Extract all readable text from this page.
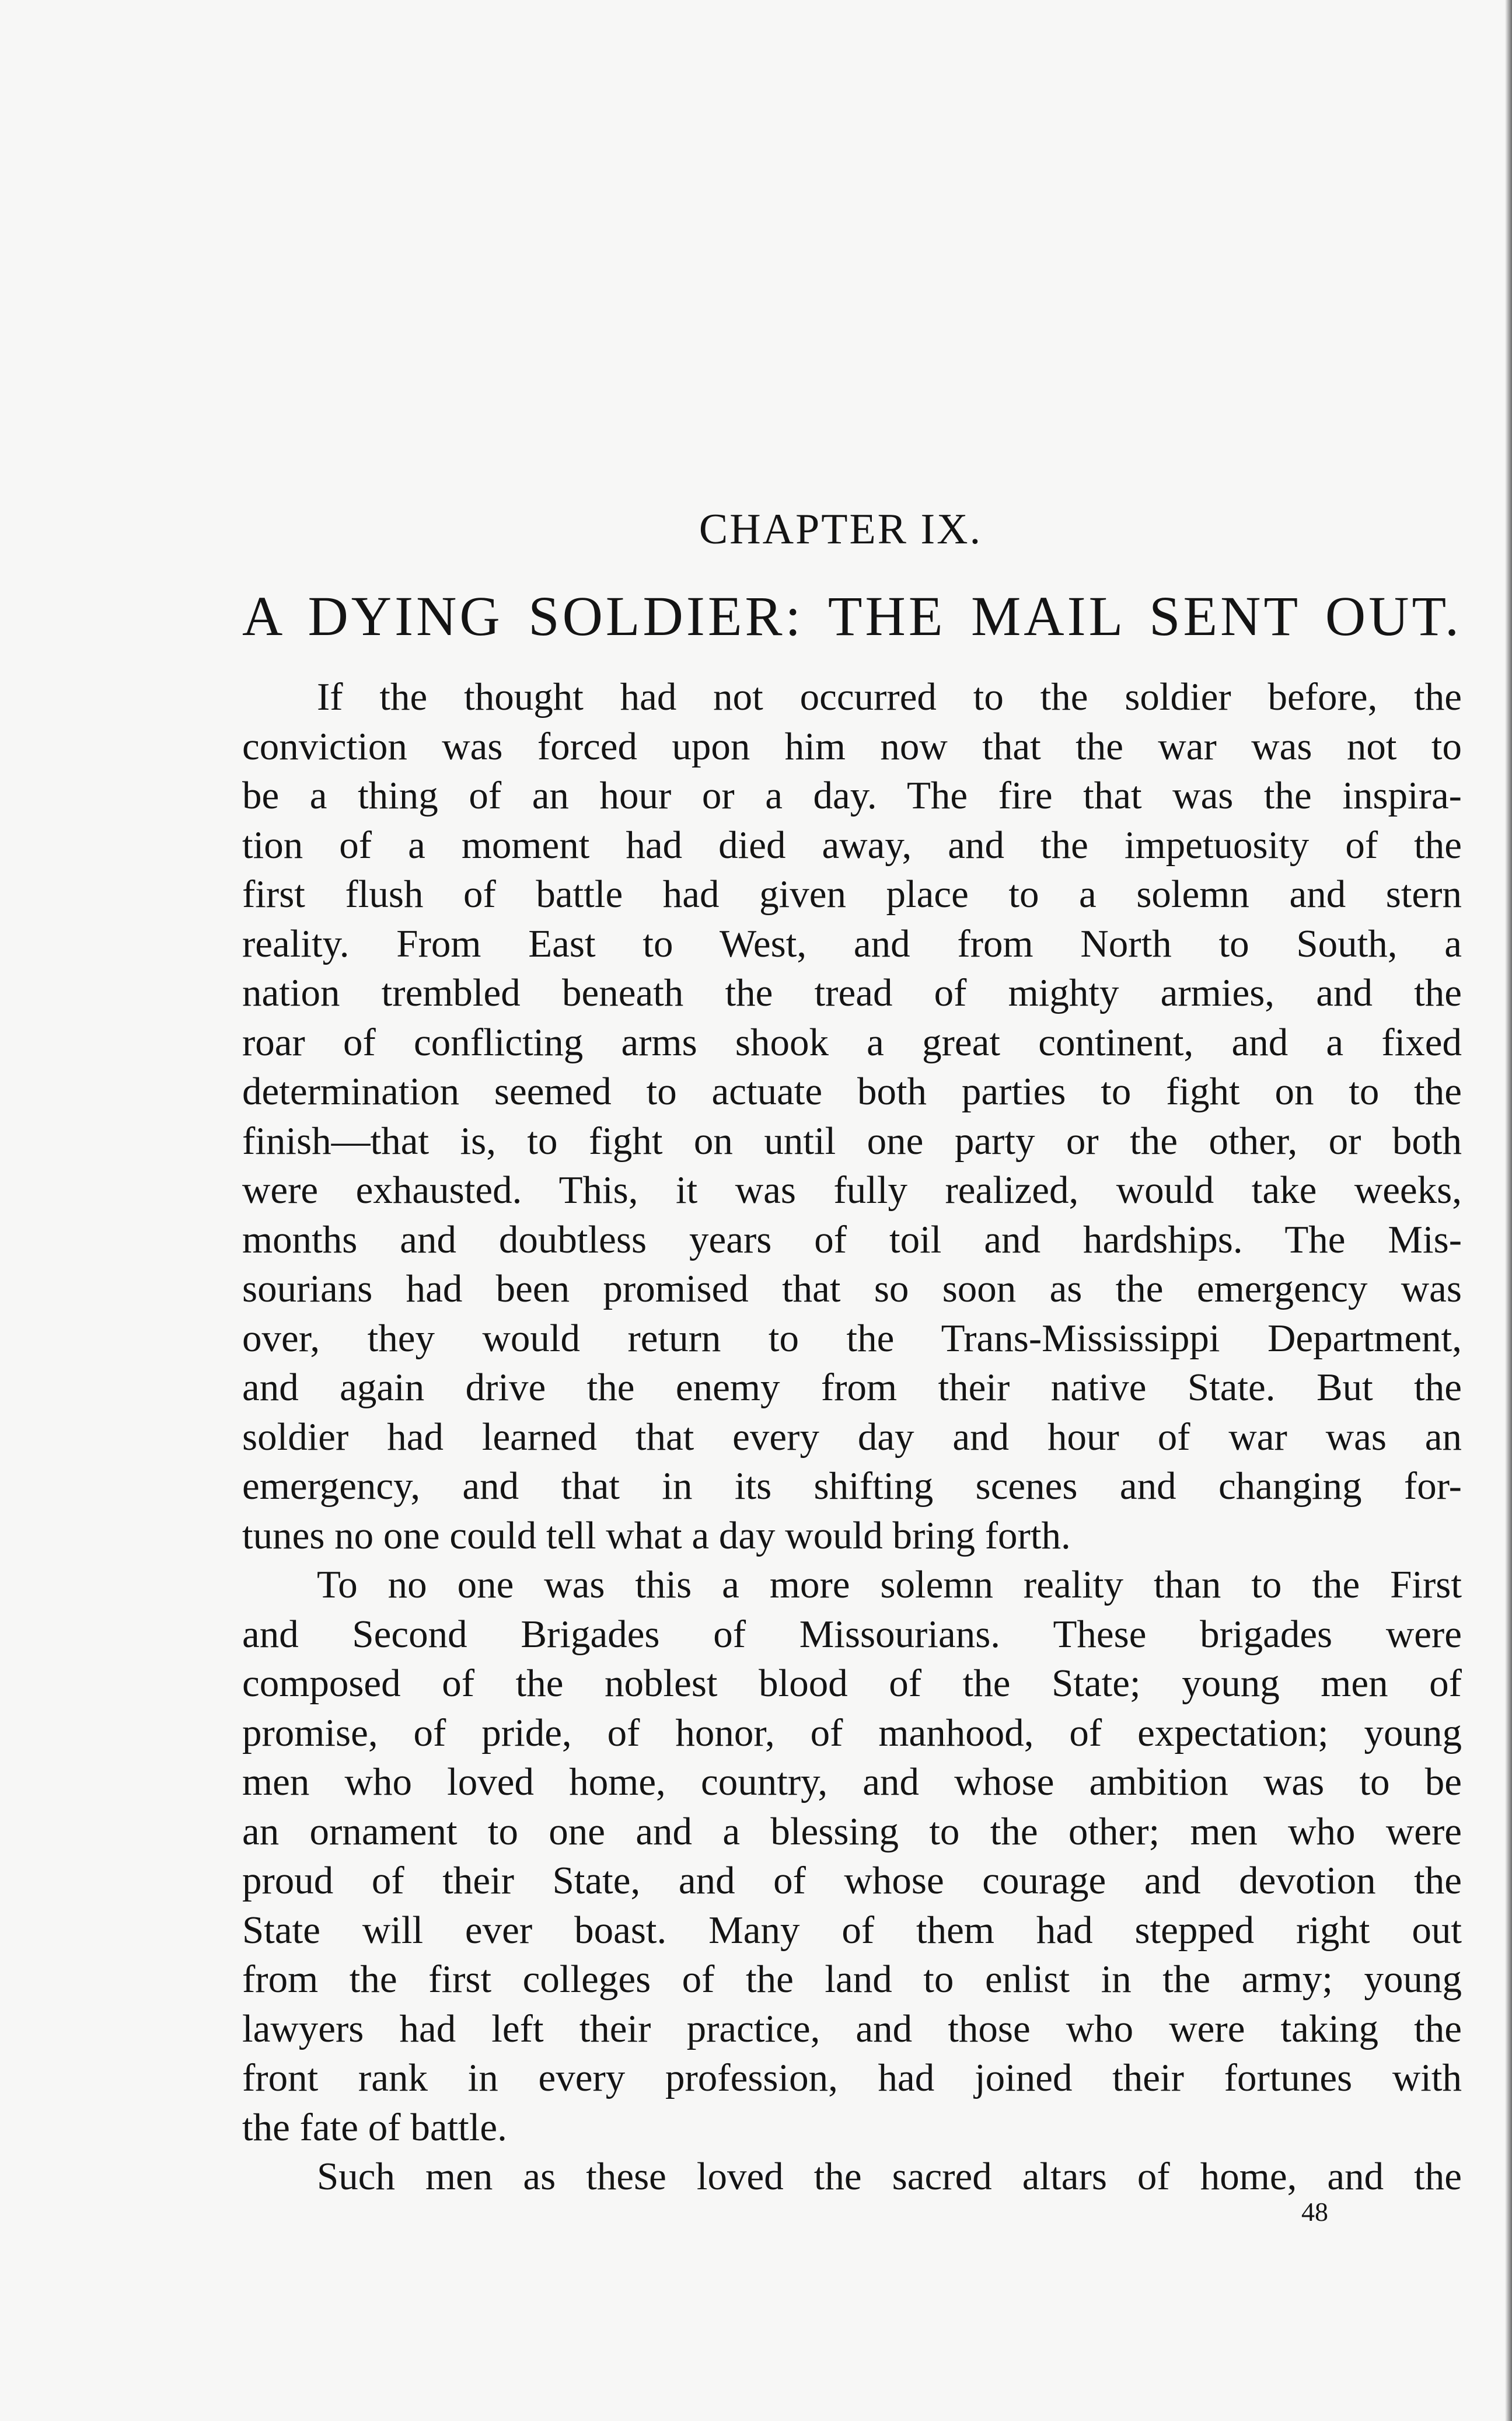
CHAPTER IX.
A DYING SOLDIER: THE MAIL SENT OUT.

If the thought had not occurred to the soldier before, the
conviction was forced upon him now that the war was not to
be a thing of an hour or a day. The fire that was the inspira-
tion of a moment had died away, and the impetuosity of the
first flush of battle had given place to a solemn and stern
reality. From East to West, and from North to South, a
nation trembled beneath the tread of mighty armies, and the
roar of conflicting arms shook a great continent, and a fixed
determination seemed to actuate both parties to fight on to the
finish—that is, to fight on until one party or the other, or both
were exhausted. This, it was fully realized, would take weeks,
months and doubtless years of toil and hardships. The Mis-
sourians had been promised that so soon as the emergency was
over, they would return to the Trans-Mississippi Department,
and again drive the enemy from their native State. But the
soldier had learned that every day and hour of war was an
emergency, and that in its shifting scenes and changing for-
tunes no one could tell what a day would bring forth.

To no one was this a more solemn reality than to the First
and Second Brigades of Missourians. These brigades were
composed of the noblest blood of the State; young men of
promise, of pride, of honor, of manhood, of expectation; young
men who loved home, country, and whose ambition was to be
an ornament to one and a blessing to the other; men who were
proud of their State, and of whose courage and devotion the
State will ever boast. Many of them had stepped right out
from the first colleges of the land to enlist in the army; young
lawyers had left their practice, and those who were taking the
front rank in every profession, had joined their fortunes with
the fate of battle.

Such men as these loved the sacred altars of home, and the

48
